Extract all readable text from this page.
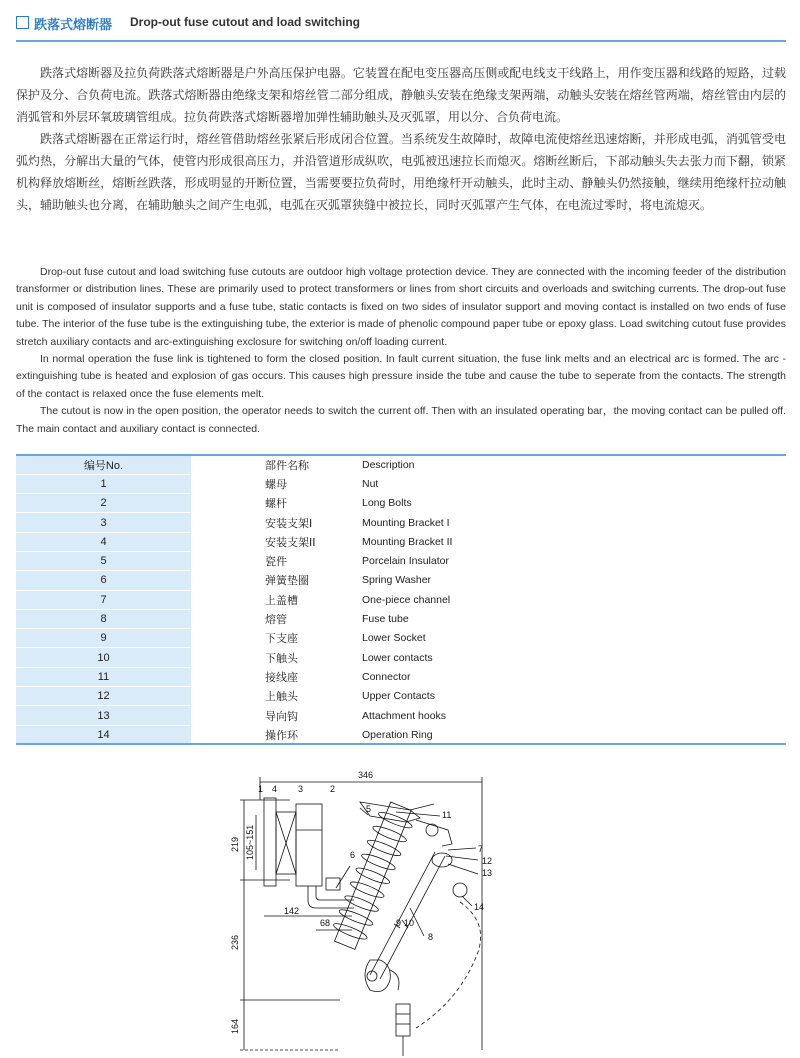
跌落式熔断器 Drop-out fuse cutout and load switching

跌落式熔断器及拉负荷跌落式熔断器是户外高压保护电器。它装置在配电变压器高压侧或配电线支干线路上，用作变压器和线路的短路，过载保护及分、合负荷电流。跌落式熔断器由绝缘支架和熔丝管二部分组成，静触头安装在绝缘支架两端，动触头安装在熔丝管两端，熔丝管由内层的消弧管和外层环氧玻璃管组成。拉负荷跌落式熔断器增加弹性辅助触头及灭弧罩，用以分、合负荷电流。

跌落式熔断器在正常运行时，熔丝管借助熔丝张紧后形成闭合位置。当系统发生故障时，故障电流使熔丝迅速熔断，并形成电弧，消弧管受电弧灼热，分解出大量的气体，使管内形成很高压力，并沿管道形成纵吹，电弧被迅速拉长而熄灭。熔断丝断后，下部动触头失去张力而下翻，锁紧机构释放熔断丝，熔断丝跌落，形成明显的开断位置，当需要要拉负荷时，用绝缘杆开动触头，此时主动、静触头仍然接触，继续用绝缘杆拉动触头，辅助触头也分离，在辅助触头之间产生电弧，电弧在灭弧罩狭缝中被拉长，同时灭弧罩产生气体，在电流过零时，将电流熄灭。

Drop-out fuse cutout and load switching fuse cutouts are outdoor high voltage protection device. They are connected with the incoming feeder of the distribution transformer or distribution lines. These are primarily used to protect transformers or lines from short circuits and overloads and switching currents. The drop-out fuse unit is composed of insulator supports and a fuse tube, static contacts is fixed on two sides of insulator support and moving contact is installed on two ends of fuse tube. The interior of the fuse tube is the extinguishing tube, the exterior is made of phenolic compound paper tube or epoxy glass. Load switching cutout fuse provides stretch auxiliary contacts and arc-extinguishing exclosure for switching on/off loading current.

In normal operation the fuse link is tightened to form the closed position. In fault current situation, the fuse link melts and an electrical arc is formed. The arc -extinguishing tube is heated and explosion of gas occurs. This causes high pressure inside the tube and cause the tube to seperate from the contacts. The strength of the contact is relaxed once the fuse elements melt.

The cutout is now in the open position, the operator needs to switch the current off. Then with an insulated operating bar，the moving contact can be pulled off. The main contact and auxiliary contact is connected.

编号No.		部件名称	Description
1		螺母	Nut
2		螺杆	Long Bolts
3		安装支架I	Mounting Bracket I
4		安装支架II	Mounting Bracket II
5		瓷件	Porcelain Insulator
6		弹簧垫圈	Spring Washer
7		上盖槽	One-piece channel
8		熔管	Fuse tube
9		下支座	Lower Socket
10		下触头	Lower contacts
11		接线座	Connector
12		上触头	Upper Contacts
13		导向钩	Attachment hooks
14		操作环	Operation Ring
346
1 4 3	2
5
11
6
7
12
13
14
9 10
8
142
68
219 105~151
236
164
